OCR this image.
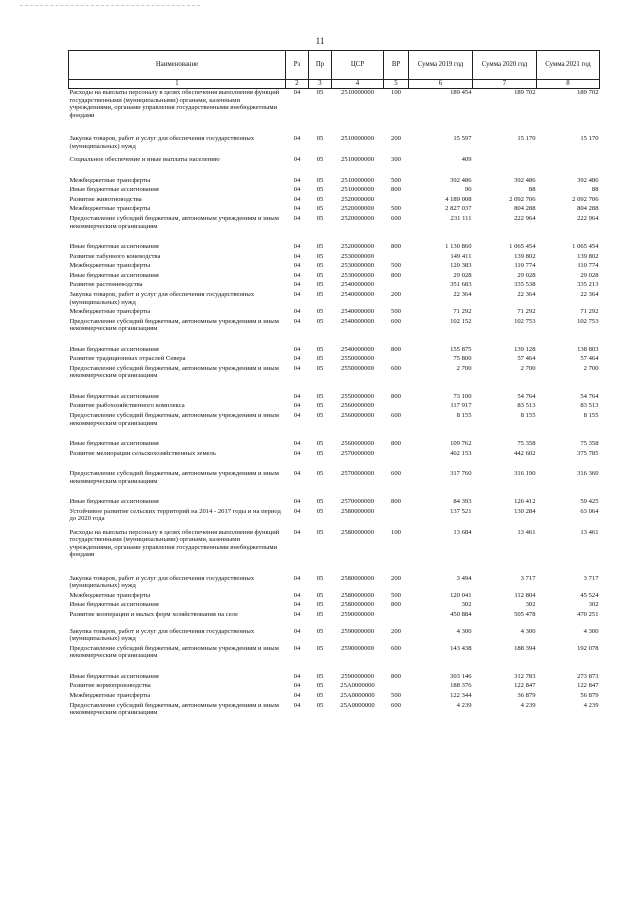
11
Наименование	Рз	Пр	ЦСР	ВР	Сумма 2019 год	Сумма 2020 год	Сумма 2021 год
1	2	3	4	5	6	7	8
Расходы на выплаты персоналу в целях обеспечения выполнения функций государственными (муниципальными) органами, казенными учреждениями, органами управления государственными внебюджетными фондами	04	05	2510000000	100	189 454	189 702	189 702

Закупка товаров, работ и услуг для обеспечения государственных (муниципальных) нужд	04	05	2510000000	200	15 597	15 170	15 170

Социальное обеспечение и иные выплаты населению	04	05	2510000000	300	409		

Межбюджетные трансферты	04	05	2510000000	500	392 486	392 486	392 486
Иные бюджетные ассигнования	04	05	2510000000	800	90	88	88
Развитие животноводства	04	05	2520000000		4 189 008	2 092 706	2 092 706
Межбюджетные трансферты	04	05	2520000000	500	2 827 037	804 288	804 288
Предоставление субсидий бюджетным, автономным учреждениям и иным некоммерческим организациям	04	05	2520000000	600	231 111	222 964	222 964

Иные бюджетные ассигнования	04	05	2520000000	800	1 130 860	1 065 454	1 065 454
Развитие табунного коневодства	04	05	2530000000		149 411	139 802	139 802
Межбюджетные трансферты	04	05	2530000000	500	120 383	110 774	110 774
Иные бюджетные ассигнования	04	05	2530000000	800	29 028	29 028	29 028
Развитие растениеводства	04	05	2540000000		351 683	335 538	335 213
Закупка товаров, работ и услуг для обеспечения государственных (муниципальных) нужд	04	05	2540000000	200	22 364	22 364	22 364
Межбюджетные трансферты	04	05	2540000000	500	71 292	71 292	71 292
Предоставление субсидий бюджетным, автономным учреждениям и иным некоммерческим организациям	04	05	2540000000	600	102 152	102 753	102 753

Иные бюджетные ассигнования	04	05	2540000000	800	155 875	139 128	138 803
Развитие традиционных отраслей Севера	04	05	2550000000		75 800	57 464	57 464
Предоставление субсидий бюджетным, автономным учреждениям и иным некоммерческим организациям	04	05	2550000000	600	2 700	2 700	2 700

Иные бюджетные ассигнования	04	05	2550000000	800	73 100	54 764	54 764
Развитие рыбохозяйственного комплекса	04	05	2560000000		117 917	83 513	83 513
Предоставление субсидий бюджетным, автономным учреждениям и иным некоммерческим организациям	04	05	2560000000	600	8 155	8 155	8 155

Иные бюджетные ассигнования	04	05	2560000000	800	109 762	75 358	75 358
Развитие мелиорации сельскохозяйственных земель	04	05	2570000000		402 153	442 602	375 785

Предоставление субсидий бюджетным, автономным учреждениям и иным некоммерческим организациям	04	05	2570000000	600	317 760	316 190	316 360

Иные бюджетные ассигнования	04	05	2570000000	800	84 393	126 412	59 425
Устойчивое развитие сельских территорий на 2014 - 2017 годы и на период до 2020 года	04	05	2580000000		137 521	130 284	63 064

Расходы на выплаты персоналу в целях обеспечения выполнения функций государственными (муниципальными) органами, казенными учреждениями, органами управления государственными внебюджетными фондами	04	05	2580000000	100	13 684	13 461	13 461

Закупка товаров, работ и услуг для обеспечения государственных (муниципальных) нужд	04	05	2580000000	200	3 494	3 717	3 717
Межбюджетные трансферты	04	05	2580000000	500	120 041	112 804	45 524
Иные бюджетные ассигнования	04	05	2580000000	800	302	302	302
Развитие кооперации и малых форм хозяйствования на селе	04	05	2590000000		450 884	505 478	470 251
Закупка товаров, работ и услуг для обеспечения государственных (муниципальных) нужд	04	05	2590000000	200	4 300	4 300	4 300
Предоставление субсидий бюджетным, автономным учреждениям и иным некоммерческим организациям	04	05	2590000000	600	143 438	188 394	192 078

Иные бюджетные ассигнования	04	05	2590000000	800	303 146	312 783	273 873
Развитие кормопроизводства	04	05	25А0000000		188 376	122 847	122 847
Межбюджетные трансферты	04	05	25А0000000	500	122 344	36 879	56 879
Предоставление субсидий бюджетным, автономным учреждениям и иным некоммерческим организациям	04	05	25А0000000	600	4 239	4 239	4 239
